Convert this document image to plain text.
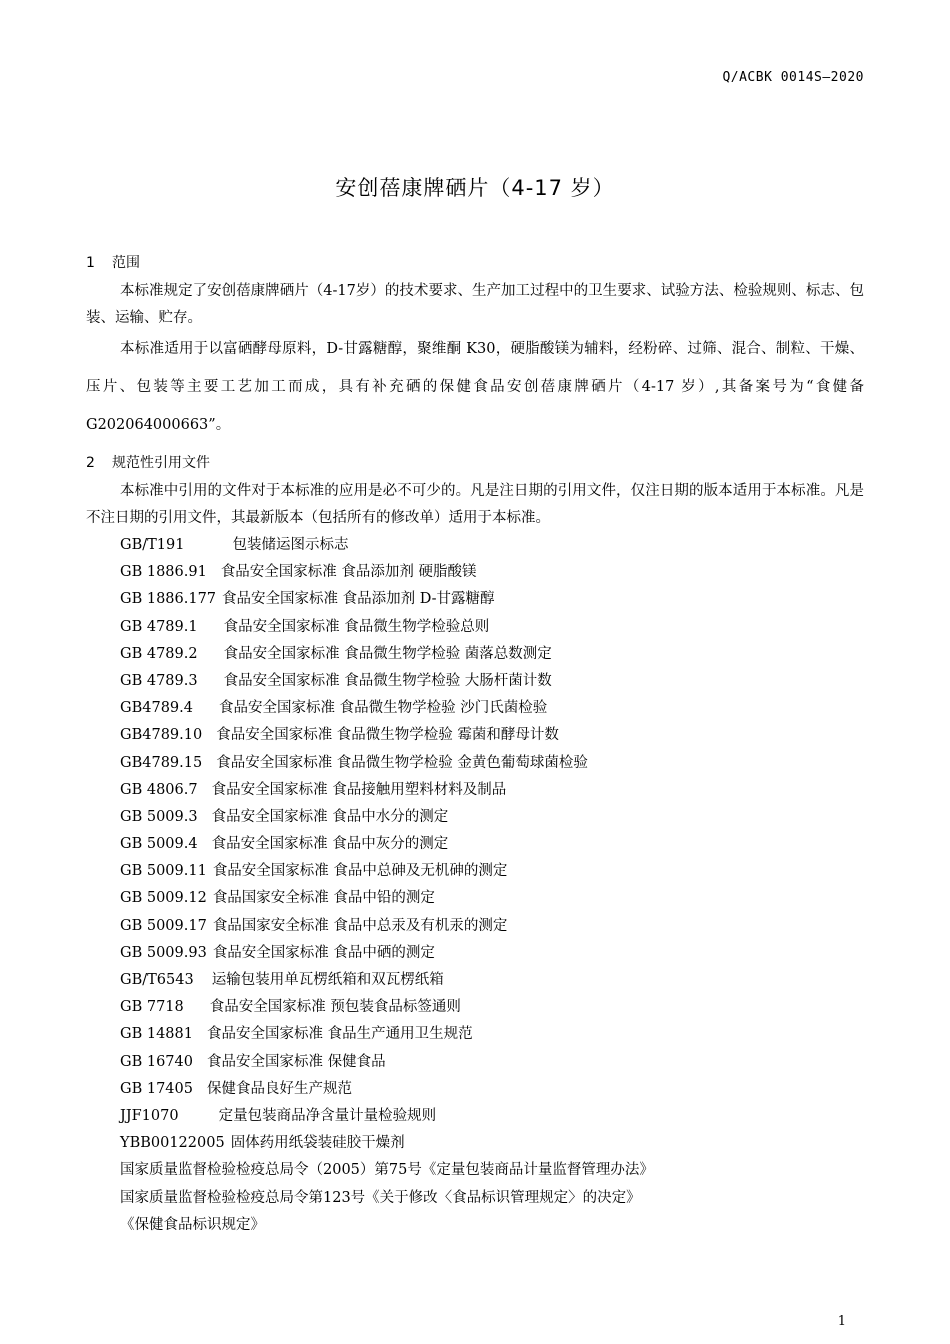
Q/ACBK 0014S—2020
安创蓓康牌硒片（4-17 岁）
1 范围

本标准规定了安创蓓康牌硒片（4-17岁）的技术要求、生产加工过程中的卫生要求、试验方法、检验规则、标志、包装、运输、贮存。

本标准适用于以富硒酵母原料，D-甘露糖醇，聚维酮 K30，硬脂酸镁为辅料，经粉碎、过筛、混合、制粒、干燥、压片、包装等主要工艺加工而成，具有补充硒的保健食品安创蓓康牌硒片（4-17 岁）,其备案号为“食健备 G202064000663”。

2 规范性引用文件

本标准中引用的文件对于本标准的应用是必不可少的。凡是注日期的引用文件，仅注日期的版本适用于本标准。凡是不注日期的引用文件，其最新版本（包括所有的修改单）适用于本标准。

GB/T191	包装储运图示标志
GB 1886.91 食品安全国家标准 食品添加剂 硬脂酸镁
GB 1886.177 食品安全国家标准 食品添加剂 D-甘露糖醇
GB 4789.1 食品安全国家标准 食品微生物学检验总则
GB 4789.2 食品安全国家标准 食品微生物学检验 菌落总数测定
GB 4789.3 食品安全国家标准 食品微生物学检验 大肠杆菌计数
GB4789.4 食品安全国家标准 食品微生物学检验 沙门氏菌检验
GB4789.10 食品安全国家标准 食品微生物学检验 霉菌和酵母计数
GB4789.15 食品安全国家标准 食品微生物学检验 金黄色葡萄球菌检验
GB 4806.7 食品安全国家标准 食品接触用塑料材料及制品
GB 5009.3 食品安全国家标准 食品中水分的测定
GB 5009.4 食品安全国家标准 食品中灰分的测定
GB 5009.11 食品安全国家标准 食品中总砷及无机砷的测定
GB 5009.12 食品国家安全标准 食品中铅的测定
GB 5009.17 食品国家安全标准 食品中总汞及有机汞的测定
GB 5009.93 食品安全国家标准 食品中硒的测定
GB/T6543 运输包装用单瓦楞纸箱和双瓦楞纸箱
GB 7718 食品安全国家标准 预包装食品标签通则
GB 14881 食品安全国家标准 食品生产通用卫生规范
GB 16740 食品安全国家标准 保健食品
GB 17405 保健食品良好生产规范
JJF1070	定量包装商品净含量计量检验规则
YBB00122005 固体药用纸袋装硅胶干燥剂
国家质量监督检验检疫总局令（2005）第75号《定量包装商品计量监督管理办法》
国家质量监督检验检疫总局令第123号《关于修改〈食品标识管理规定〉的决定》
《保健食品标识规定》
1
